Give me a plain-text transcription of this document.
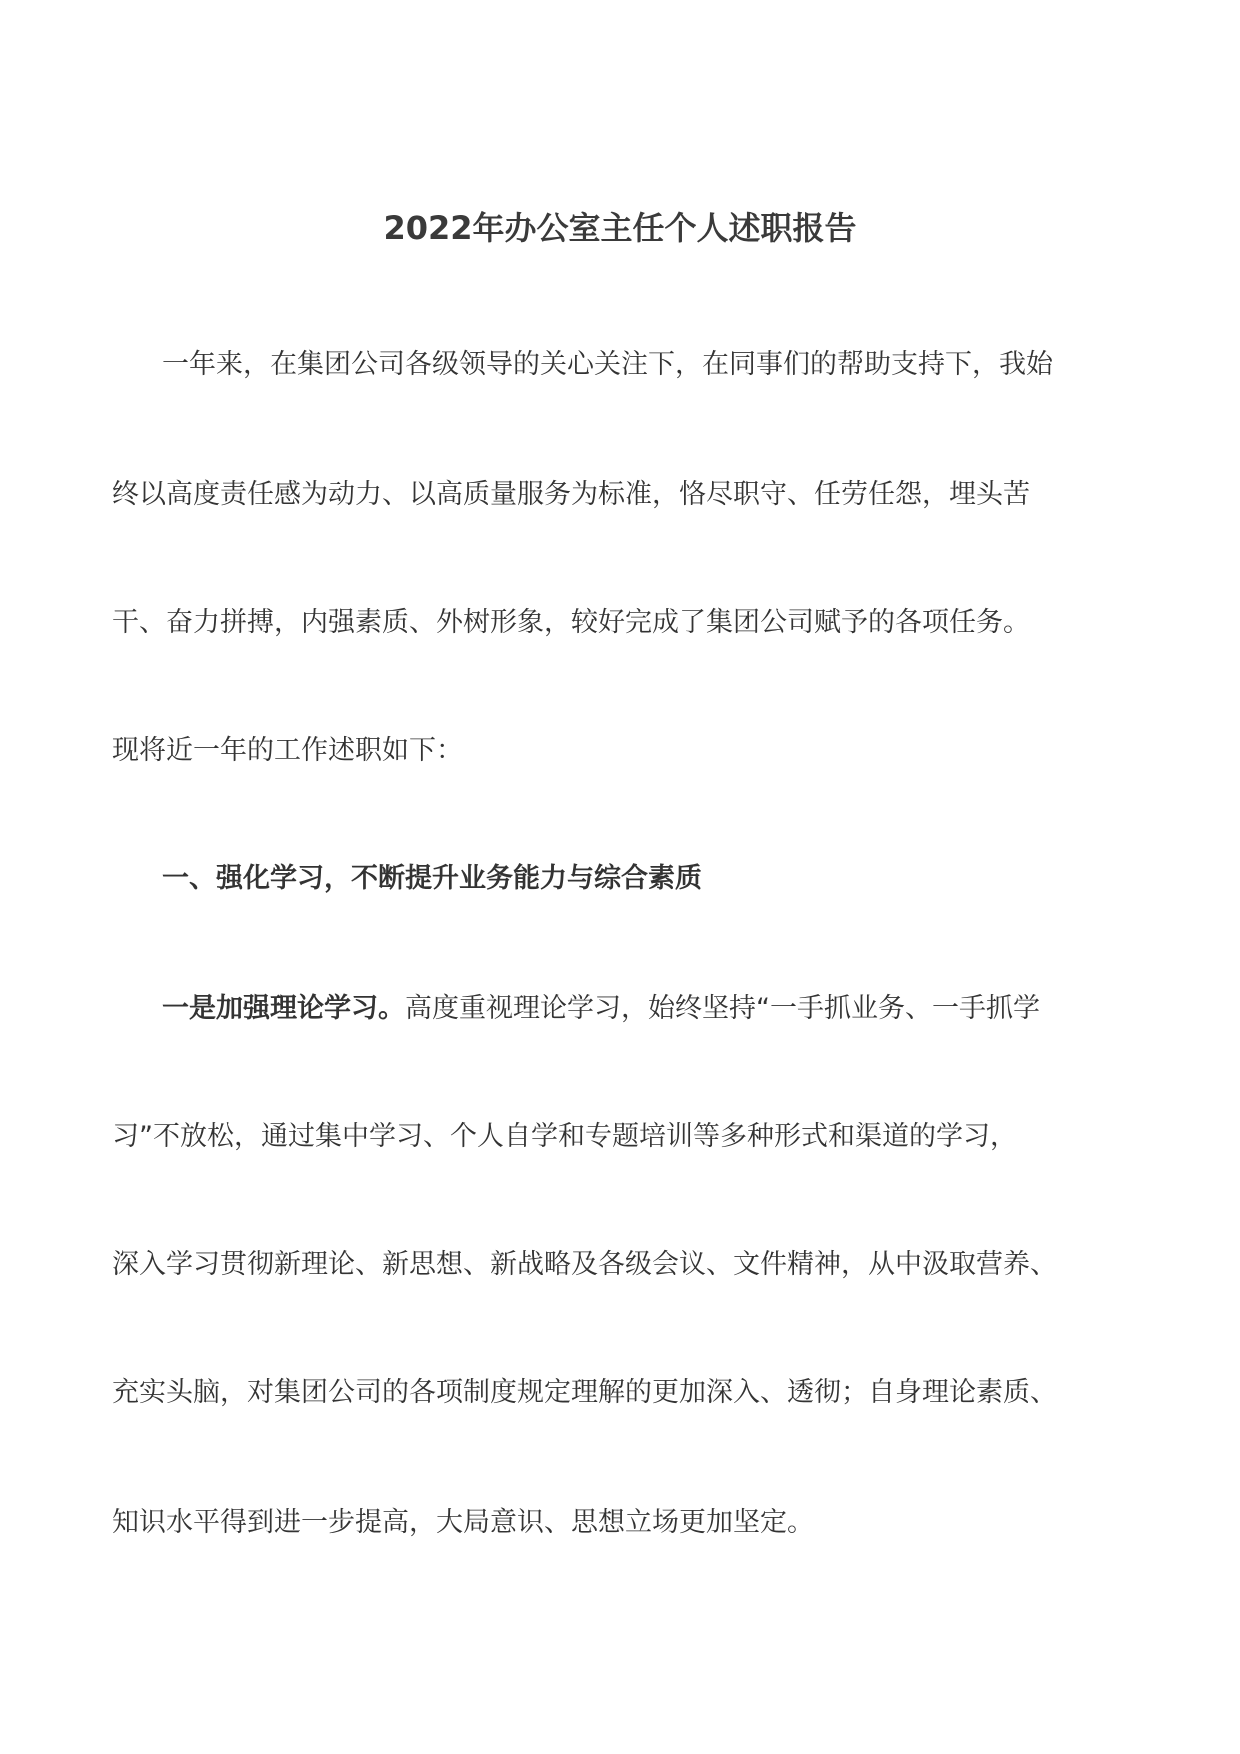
2022年办公室主任个人述职报告
一年来，在集团公司各级领导的关心关注下，在同事们的帮助支持下，我始
终以高度责任感为动力、以高质量服务为标准，恪尽职守、任劳任怨，埋头苦
干、奋力拼搏，内强素质、外树形象，较好完成了集团公司赋予的各项任务。
现将近一年的工作述职如下：
一、强化学习，不断提升业务能力与综合素质
一是加强理论学习。高度重视理论学习，始终坚持“一手抓业务、一手抓学
习”不放松，通过集中学习、个人自学和专题培训等多种形式和渠道的学习，
深入学习贯彻新理论、新思想、新战略及各级会议、文件精神，从中汲取营养、
充实头脑，对集团公司的各项制度规定理解的更加深入、透彻；自身理论素质、
知识水平得到进一步提高，大局意识、思想立场更加坚定。
